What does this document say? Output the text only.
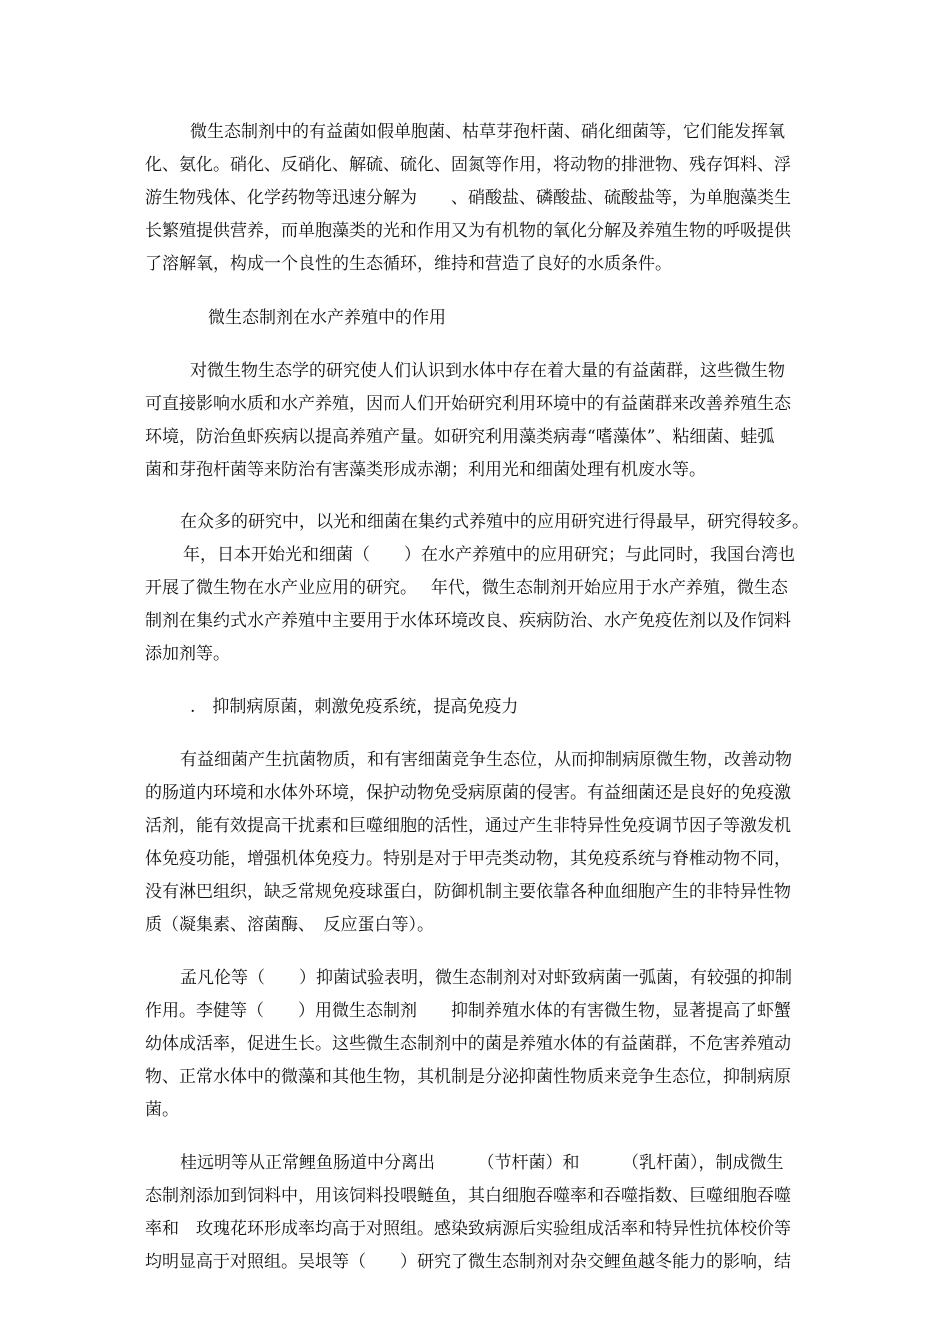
微生态制剂中的有益菌如假单胞菌、枯草芽孢杆菌、硝化细菌等，它们能发挥氧
化、氨化。硝化、反硝化、解硫、硫化、固氮等作用，将动物的排泄物、残存饵料、浮
游生物残体、化学药物等迅速分解为　　、硝酸盐、磷酸盐、硫酸盐等，为单胞藻类生
长繁殖提供营养，而单胞藻类的光和作用又为有机物的氧化分解及养殖生物的呼吸提供
了溶解氧，构成一个良性的生态循环，维持和营造了良好的水质条件。
微生态制剂在水产养殖中的作用
对微生物生态学的研究使人们认识到水体中存在着大量的有益菌群，这些微生物
可直接影响水质和水产养殖，因而人们开始研究利用环境中的有益菌群来改善养殖生态
环境，防治鱼虾疾病以提高养殖产量。如研究利用藻类病毒“嗜藻体”、粘细菌、蛙弧
菌和芽孢杆菌等来防治有害藻类形成赤潮；利用光和细菌处理有机废水等。
在众多的研究中，以光和细菌在集约式养殖中的应用研究进行得最早，研究得较多。
年，日本开始光和细菌（　　）在水产养殖中的应用研究；与此同时，我国台湾也
开展了微生物在水产业应用的研究。　 年代，微生态制剂开始应用于水产养殖，微生态
制剂在集约式水产养殖中主要用于水体环境改良、疾病防治、水产免疫佐剂以及作饲料
添加剂等。
.　抑制病原菌，刺激免疫系统，提高免疫力
有益细菌产生抗菌物质，和有害细菌竞争生态位，从而抑制病原微生物，改善动物
的肠道内环境和水体外环境，保护动物免受病原菌的侵害。有益细菌还是良好的免疫激
活剂，能有效提高干扰素和巨噬细胞的活性，通过产生非特异性免疫调节因子等激发机
体免疫功能，增强机体免疫力。特别是对于甲壳类动物，其免疫系统与脊椎动物不同，
没有淋巴组织，缺乏常规免疫球蛋白，防御机制主要依靠各种血细胞产生的非特异性物
质（凝集素、溶菌酶、　反应蛋白等）。
孟凡伦等（　　）抑菌试验表明，微生态制剂对对虾致病菌一弧菌，有较强的抑制
作用。李健等（　　）用微生态制剂　　抑制养殖水体的有害微生物，显著提高了虾蟹
幼体成活率，促进生长。这些微生态制剂中的菌是养殖水体的有益菌群，不危害养殖动
物、正常水体中的微藻和其他生物，其机制是分泌抑菌性物质来竞争生态位，抑制病原
菌。
桂远明等从正常鲤鱼肠道中分离出　　　（节杆菌）和　　　（乳杆菌），制成微生
态制剂添加到饲料中，用该饲料投喂鲢鱼，其白细胞吞噬率和吞噬指数、巨噬细胞吞噬
率和　玫瑰花环形成率均高于对照组。感染致病源后实验组成活率和特异性抗体校价等
均明显高于对照组。吴垠等（　　）研究了微生态制剂对杂交鲤鱼越冬能力的影响，结
